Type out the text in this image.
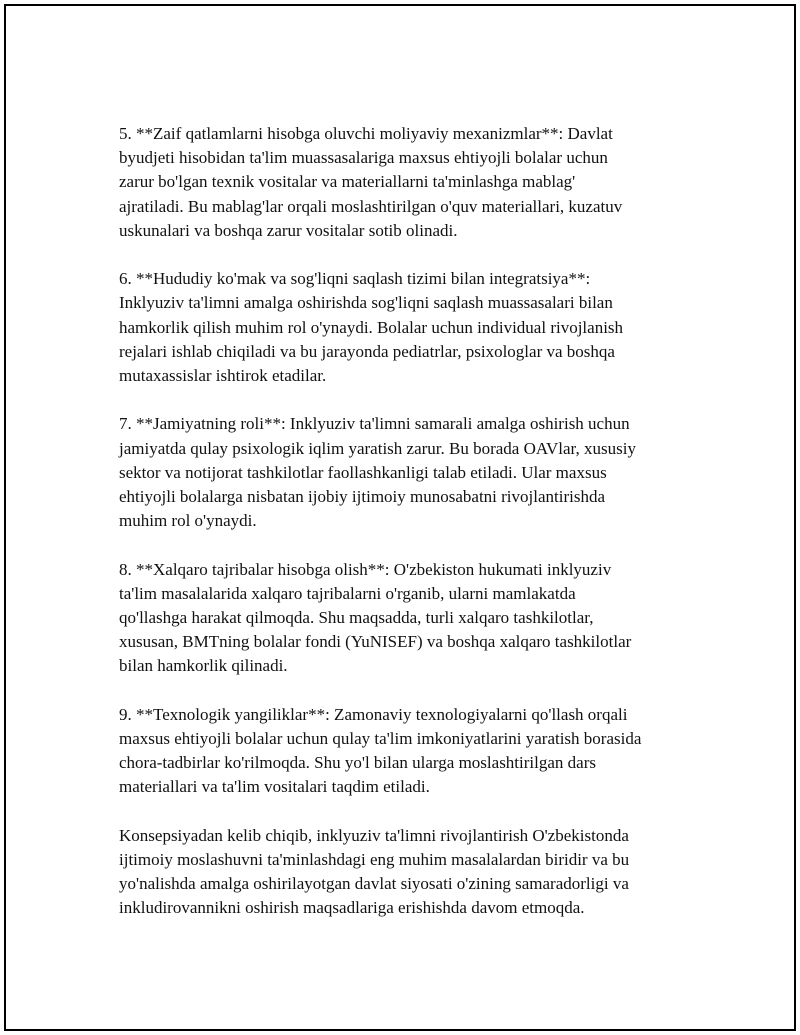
5. **Zaif qatlamlarni hisobga oluvchi moliyaviy mexanizmlar**: Davlat
byudjeti hisobidan ta'lim muassasalariga maxsus ehtiyojli bolalar uchun
zarur bo'lgan texnik vositalar va materiallarni ta'minlashga mablag'
ajratiladi. Bu mablag'lar orqali moslashtirilgan o'quv materiallari, kuzatuv
uskunalari va boshqa zarur vositalar sotib olinadi.

6. **Hududiy ko'mak va sog'liqni saqlash tizimi bilan integratsiya**:
Inklyuziv ta'limni amalga oshirishda sog'liqni saqlash muassasalari bilan
hamkorlik qilish muhim rol o'ynaydi. Bolalar uchun individual rivojlanish
rejalari ishlab chiqiladi va bu jarayonda pediatrlar, psixologlar va boshqa
mutaxassislar ishtirok etadilar.

7. **Jamiyatning roli**: Inklyuziv ta'limni samarali amalga oshirish uchun
jamiyatda qulay psixologik iqlim yaratish zarur. Bu borada OAVlar, xususiy
sektor va notijorat tashkilotlar faollashkanligi talab etiladi. Ular maxsus
ehtiyojli bolalarga nisbatan ijobiy ijtimoiy munosabatni rivojlantirishda
muhim rol o'ynaydi.

8. **Xalqaro tajribalar hisobga olish**: O'zbekiston hukumati inklyuziv
ta'lim masalalarida xalqaro tajribalarni o'rganib, ularni mamlakatda
qo'llashga harakat qilmoqda. Shu maqsadda, turli xalqaro tashkilotlar,
xususan, BMTning bolalar fondi (YuNISEF) va boshqa xalqaro tashkilotlar
bilan hamkorlik qilinadi.

9. **Texnologik yangiliklar**: Zamonaviy texnologiyalarni qo'llash orqali
maxsus ehtiyojli bolalar uchun qulay ta'lim imkoniyatlarini yaratish borasida
chora-tadbirlar ko'rilmoqda. Shu yo'l bilan ularga moslashtirilgan dars
materiallari va ta'lim vositalari taqdim etiladi.

Konsepsiyadan kelib chiqib, inklyuziv ta'limni rivojlantirish O'zbekistonda
ijtimoiy moslashuvni ta'minlashdagi eng muhim masalalardan biridir va bu
yo'nalishda amalga oshirilayotgan davlat siyosati o'zining samaradorligi va
inkludirovannikni oshirish maqsadlariga erishishda davom etmoqda.
